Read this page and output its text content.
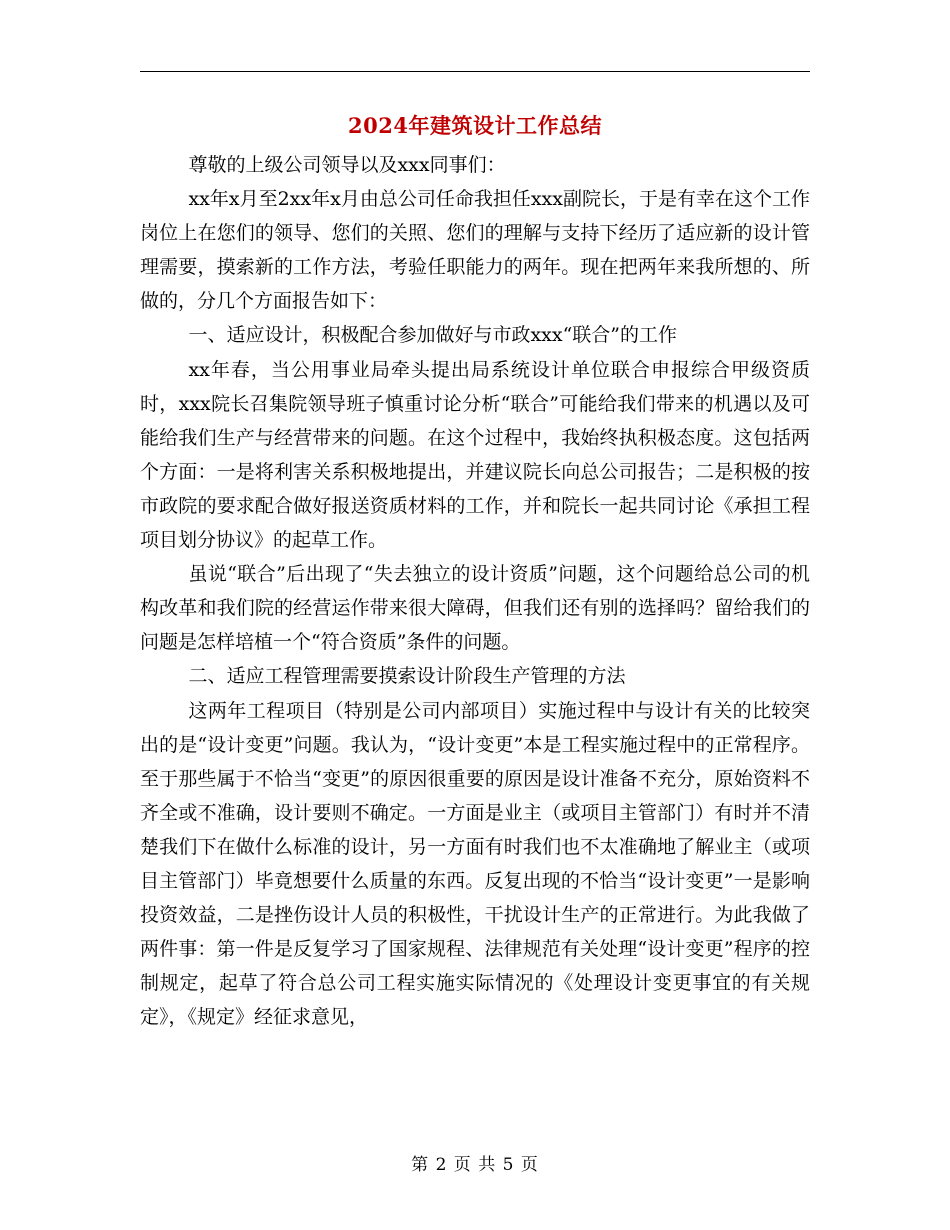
2024年建筑设计工作总结

尊敬的上级公司领导以及xxx同事们：

xx年x月至2xx年x月由总公司任命我担任xxx副院长，于是有幸在这个工作岗位上在您们的领导、您们的关照、您们的理解与支持下经历了适应新的设计管理需要，摸索新的工作方法，考验任职能力的两年。现在把两年来我所想的、所做的，分几个方面报告如下：

一、适应设计，积极配合参加做好与市政xxx“联合”的工作

xx年春，当公用事业局牵头提出局系统设计单位联合申报综合甲级资质时，xxx院长召集院领导班子慎重讨论分析“联合”可能给我们带来的机遇以及可能给我们生产与经营带来的问题。在这个过程中，我始终执积极态度。这包括两个方面：一是将利害关系积极地提出，并建议院长向总公司报告；二是积极的按市政院的要求配合做好报送资质材料的工作，并和院长一起共同讨论《承担工程项目划分协议》的起草工作。

虽说“联合”后出现了“失去独立的设计资质”问题，这个问题给总公司的机构改革和我们院的经营运作带来很大障碍，但我们还有别的选择吗？留给我们的问题是怎样培植一个“符合资质”条件的问题。

二、适应工程管理需要摸索设计阶段生产管理的方法

这两年工程项目（特别是公司内部项目）实施过程中与设计有关的比较突出的是“设计变更”问题。我认为，“设计变更”本是工程实施过程中的正常程序。至于那些属于不恰当“变更”的原因很重要的原因是设计准备不充分，原始资料不齐全或不准确，设计要则不确定。一方面是业主（或项目主管部门）有时并不清楚我们下在做什么标准的设计，另一方面有时我们也不太准确地了解业主（或项目主管部门）毕竟想要什么质量的东西。反复出现的不恰当“设计变更”一是影响投资效益，二是挫伤设计人员的积极性，干扰设计生产的正常进行。为此我做了两件事：第一件是反复学习了国家规程、法律规范有关处理“设计变更”程序的控制规定，起草了符合总公司工程实施实际情况的《处理设计变更事宜的有关规定》，《规定》经征求意见，

第 2 页 共 5 页
